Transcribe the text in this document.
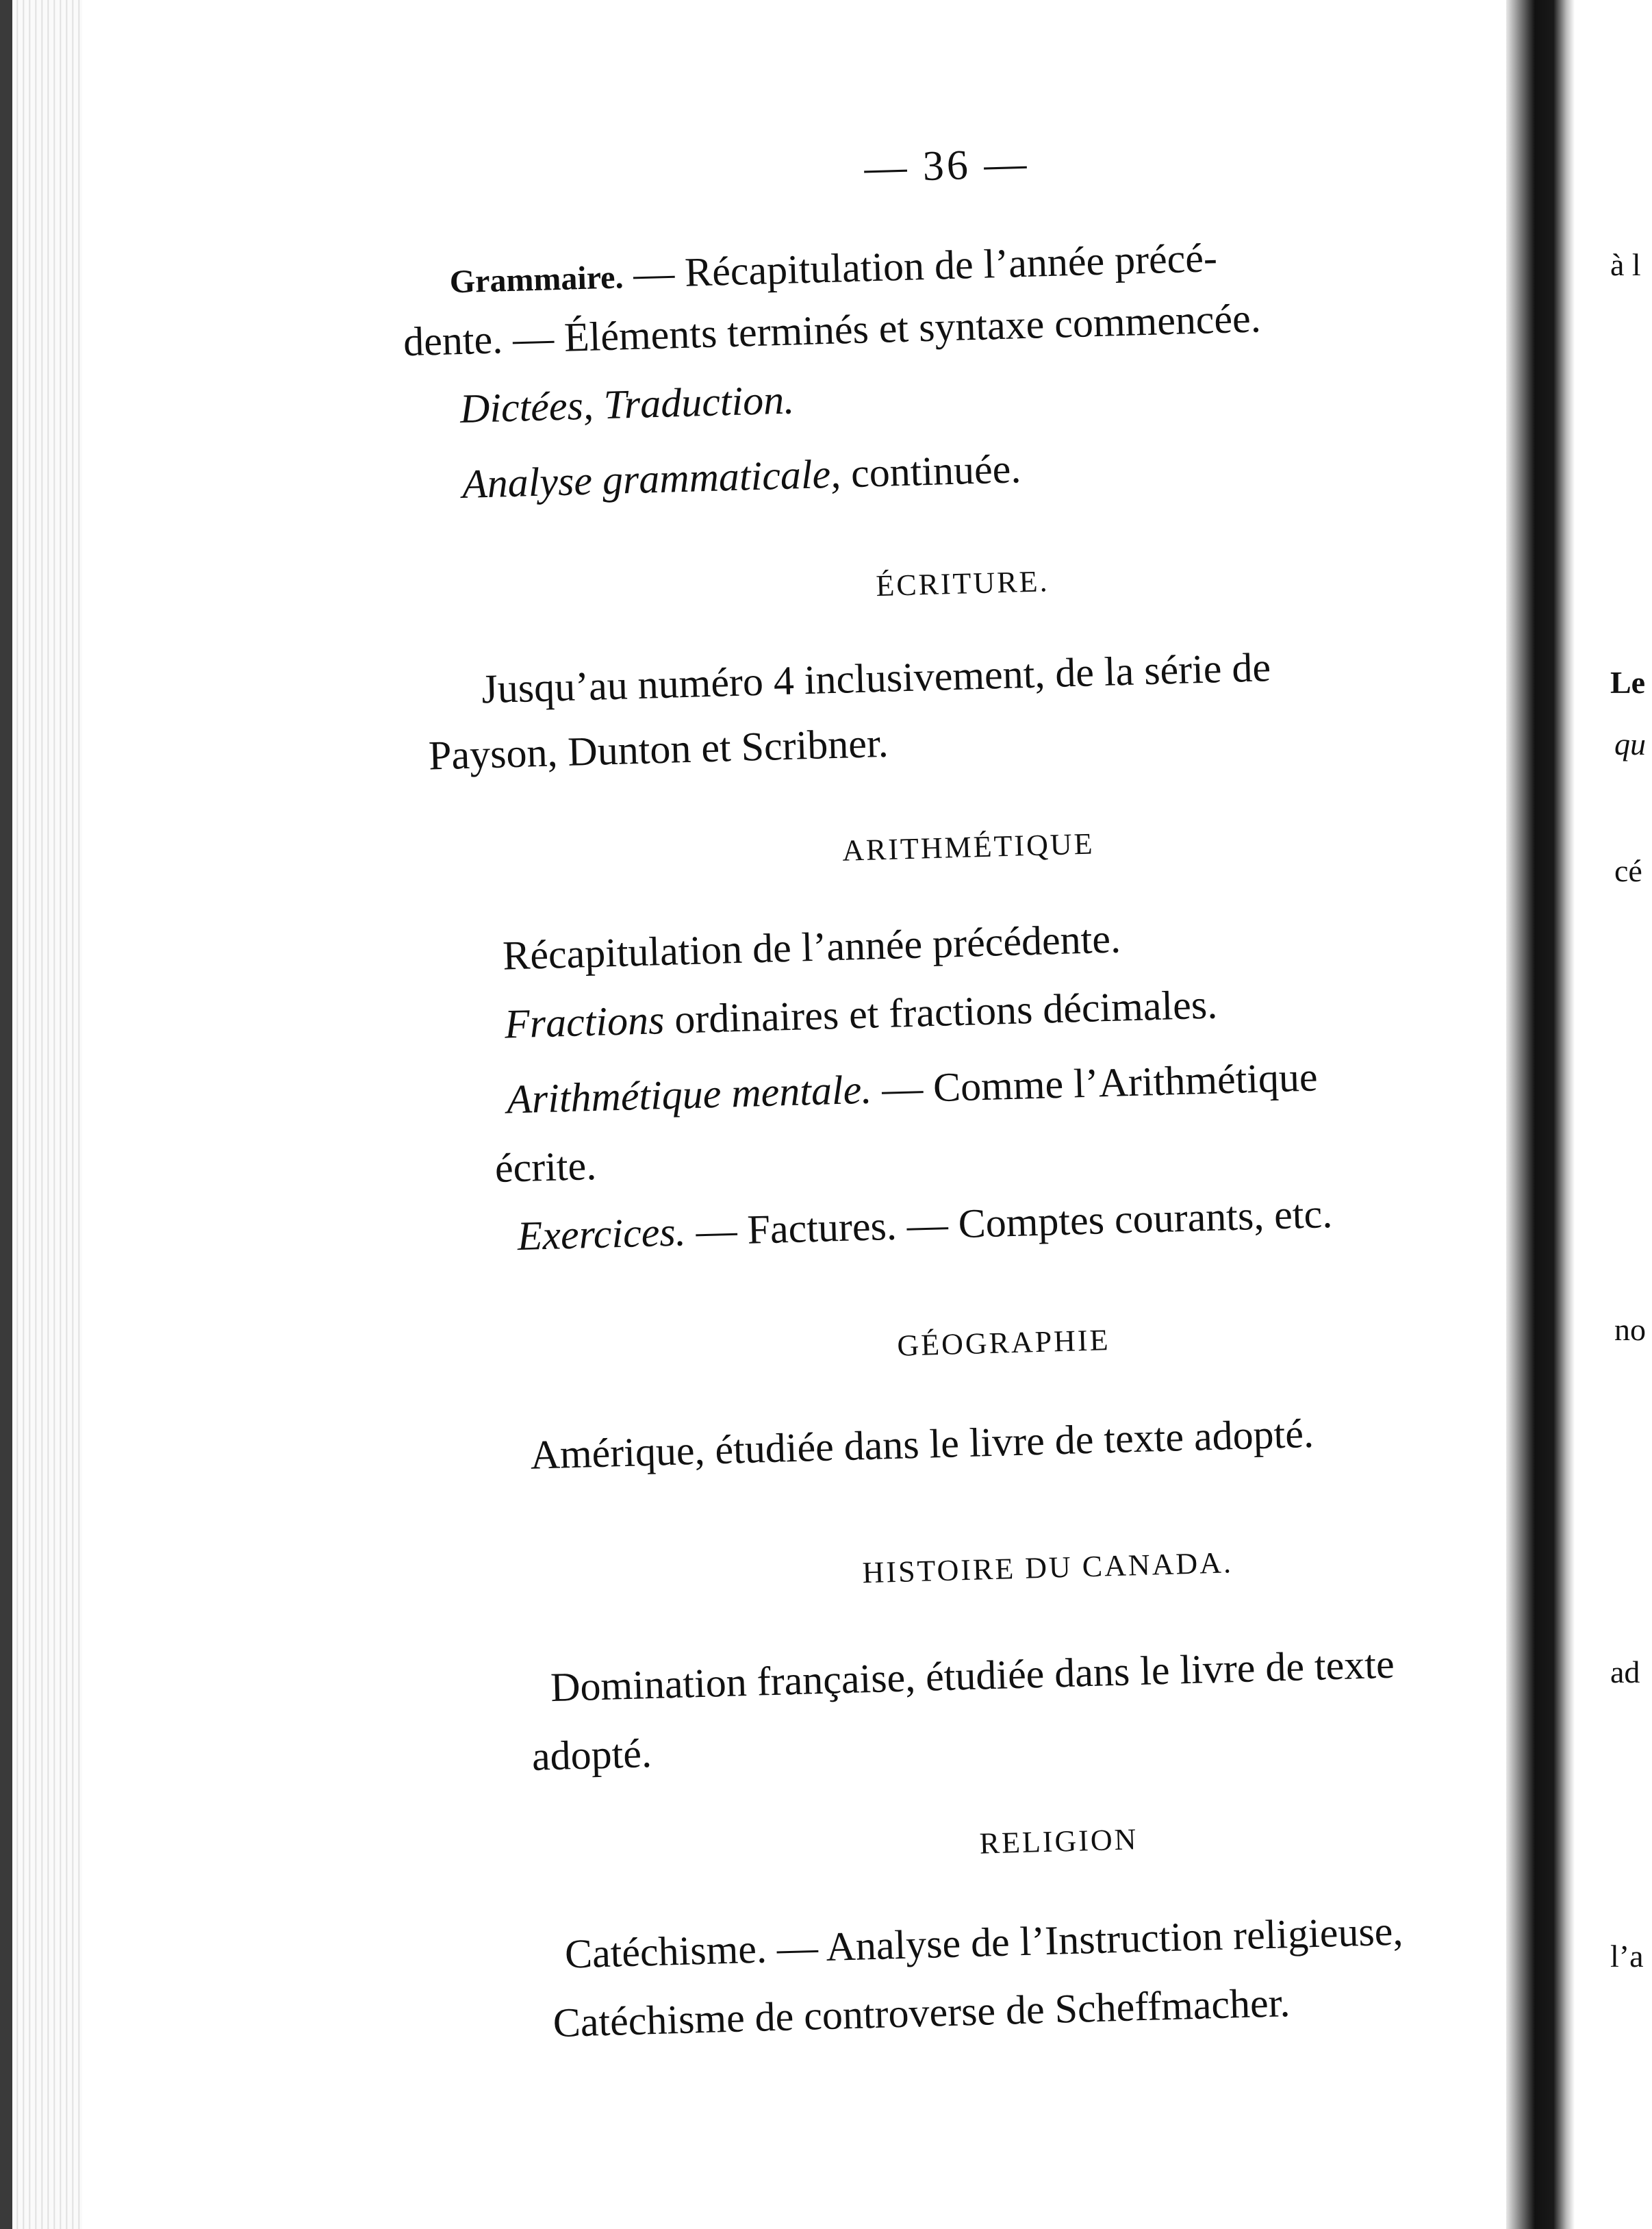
à l
Le
qu
cé
no
ad
l’a
— 36 —
Grammaire. — Récapitulation de l’année précé-
dente. — Éléments terminés et syntaxe commencée.
Dictées, Traduction.
Analyse grammaticale, continuée.
ÉCRITURE.
Jusqu’au numéro 4 inclusivement, de la série de
Payson, Dunton et Scribner.
ARITHMÉTIQUE
Récapitulation de l’année précédente.
Fractions ordinaires et fractions décimales.
Arithmétique mentale. — Comme l’Arithmétique
écrite.
Exercices. — Factures. — Comptes courants, etc.
GÉOGRAPHIE
Amérique, étudiée dans le livre de texte adopté.
HISTOIRE DU CANADA.
Domination française, étudiée dans le livre de texte
adopté.
RELIGION
Catéchisme. — Analyse de l’Instruction religieuse,
Catéchisme de controverse de Scheffmacher.
